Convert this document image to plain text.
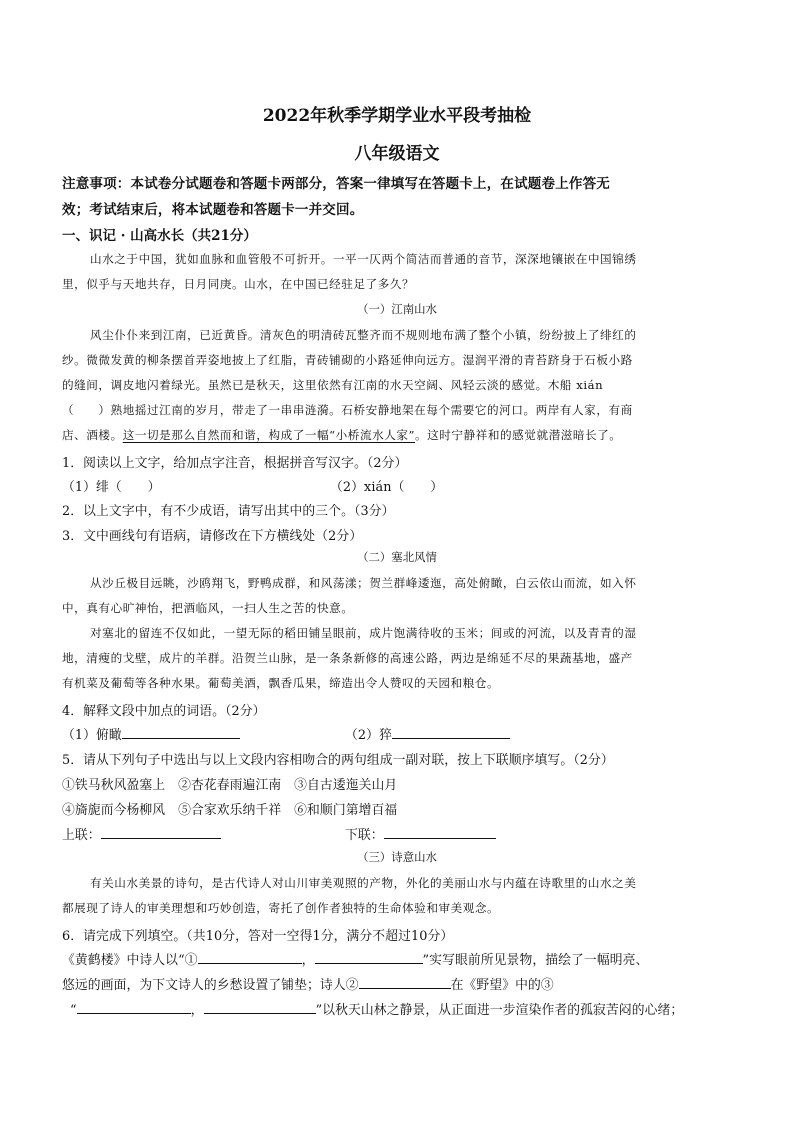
2022年秋季学期学业水平段考抽检
八年级语文
注意事项：本试卷分试题卷和答题卡两部分，答案一律填写在答题卡上，在试题卷上作答无
效；考试结束后，将本试题卷和答题卡一并交回。
一、识记 · 山高水长（共21分）
山水之于中国，犹如血脉和血管般不可折开。一平一仄两个简洁而普通的音节，深深地镶嵌在中国锦绣
里，似乎与天地共存，日月同庚。山水，在中国已经驻足了多久？
（一）江南山水
风尘仆仆来到江南，已近黄昏。清灰色的明清砖瓦整齐而不规则地布满了整个小镇，纷纷披上了绯红的
纱。微微发黄的柳条摆首弄姿地披上了红脂，青砖铺砌的小路延伸向远方。湿润平滑的青苔跻身于石板小路
的缝间，调皮地闪着绿光。虽然已是秋天，这里依然有江南的水天空阔、风轻云淡的感觉。木船 xián
（　　）熟地摇过江南的岁月，带走了一串串涟漪。石桥安静地架在每个需要它的河口。两岸有人家，有商
店、酒楼。这一切是那么自然而和谐，构成了一幅“小桥流水人家”。这时宁静祥和的感觉就潜滋暗长了。
1．阅读以上文字，给加点字注音，根据拼音写汉字。（2分）
（1）绯（　　）	（2）xián（　　）
2．以上文字中，有不少成语，请写出其中的三个。（3分）
3．文中画线句有语病，请修改在下方横线处（2分）
（二）塞北风情
从沙丘极目远眺，沙鸥翔飞，野鸭成群，和风荡漾；贺兰群峰逶迤，高处俯瞰，白云依山而流，如入怀
中，真有心旷神怡，把酒临风，一扫人生之苦的快意。
对塞北的留连不仅如此，一望无际的稻田铺呈眼前，成片饱满待收的玉米；间或的河流，以及青青的湿
地，清瘦的戈壁，成片的羊群。沿贺兰山脉，是一条条新修的高速公路，两边是绵延不尽的果蔬基地，盛产
有机菜及葡萄等各种水果。葡萄美酒，飘香瓜果，缔造出令人赞叹的天园和粮仓。
4．解释文段中加点的词语。（2分）
（1）俯瞰	（2）猝
5．请从下列句子中选出与以上文段内容相吻合的两句组成一副对联，按上下联顺序填写。（2分）
①铁马秋风盈塞上　②杏花春雨遍江南　③自古逶迤关山月
④旖旎而今杨柳风　⑤合家欢乐纳千祥　⑥和顺门第增百福
上联：	下联：
（三）诗意山水
有关山水美景的诗句，是古代诗人对山川审美观照的产物，外化的美丽山水与内蕴在诗歌里的山水之美
都展现了诗人的审美理想和巧妙创造，寄托了创作者独特的生命体验和审美观念。
6．请完成下列填空。（共10分，答对一空得1分，满分不超过10分）
《黄鹤楼》中诗人以“①	，	”实写眼前所见景物，描绘了一幅明亮、
悠远的画面，为下文诗人的乡愁设置了铺垫；诗人②	在《野望》中的③
“	，	”以秋天山林之静景，从正面进一步渲染作者的孤寂苦闷的心绪；
